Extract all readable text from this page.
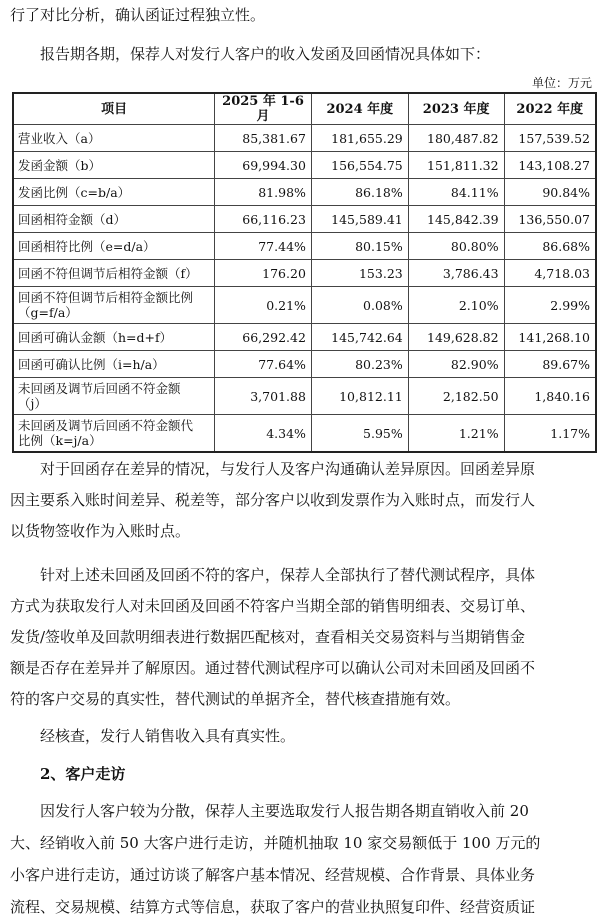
行了对比分析，确认函证过程独立性。
报告期各期，保荐人对发行人客户的收入发函及回函情况具体如下：
单位：万元
项目	2025 年 1-6 月	2024 年度	2023 年度	2022 年度
营业收入（a）	85,381.67	181,655.29	180,487.82	157,539.52
发函金额（b）	69,994.30	156,554.75	151,811.32	143,108.27
发函比例（c=b/a）	81.98%	86.18%	84.11%	90.84%
回函相符金额（d）	66,116.23	145,589.41	145,842.39	136,550.07
回函相符比例（e=d/a）	77.44%	80.15%	80.80%	86.68%
回函不符但调节后相符金额（f）	176.20	153.23	3,786.43	4,718.03

回函不符但调节后相符金额比例
（g=f/a）	0.21%	0.08%	2.10%	2.99%
回函可确认金额（h=d+f）	66,292.42	145,742.64	149,628.82	141,268.10
回函可确认比例（i=h/a）	77.64%	80.23%	82.90%	89.67%

未回函及调节后回函不符金额
（j）	3,701.88	10,812.11	2,182.50	1,840.16

未回函及调节后回函不符金额代
比例（k=j/a）	4.34%	5.95%	1.21%	1.17%
对于回函存在差异的情况，与发行人及客户沟通确认差异原因。回函差异原
因主要系入账时间差异、税差等，部分客户以收到发票作为入账时点，而发行人
以货物签收作为入账时点。
针对上述未回函及回函不符的客户，保荐人全部执行了替代测试程序，具体
方式为获取发行人对未回函及回函不符客户当期全部的销售明细表、交易订单、
发货/签收单及回款明细表进行数据匹配核对，查看相关交易资料与当期销售金
额是否存在差异并了解原因。通过替代测试程序可以确认公司对未回函及回函不
符的客户交易的真实性，替代测试的单据齐全，替代核查措施有效。
经核查，发行人销售收入具有真实性。
2、客户走访
因发行人客户较为分散，保荐人主要选取发行人报告期各期直销收入前 20
大、经销收入前 50 大客户进行走访，并随机抽取 10 家交易额低于 100 万元的
小客户进行走访，通过访谈了解客户基本情况、经营规模、合作背景、具体业务
流程、交易规模、结算方式等信息，获取了客户的营业执照复印件、经营资质证
